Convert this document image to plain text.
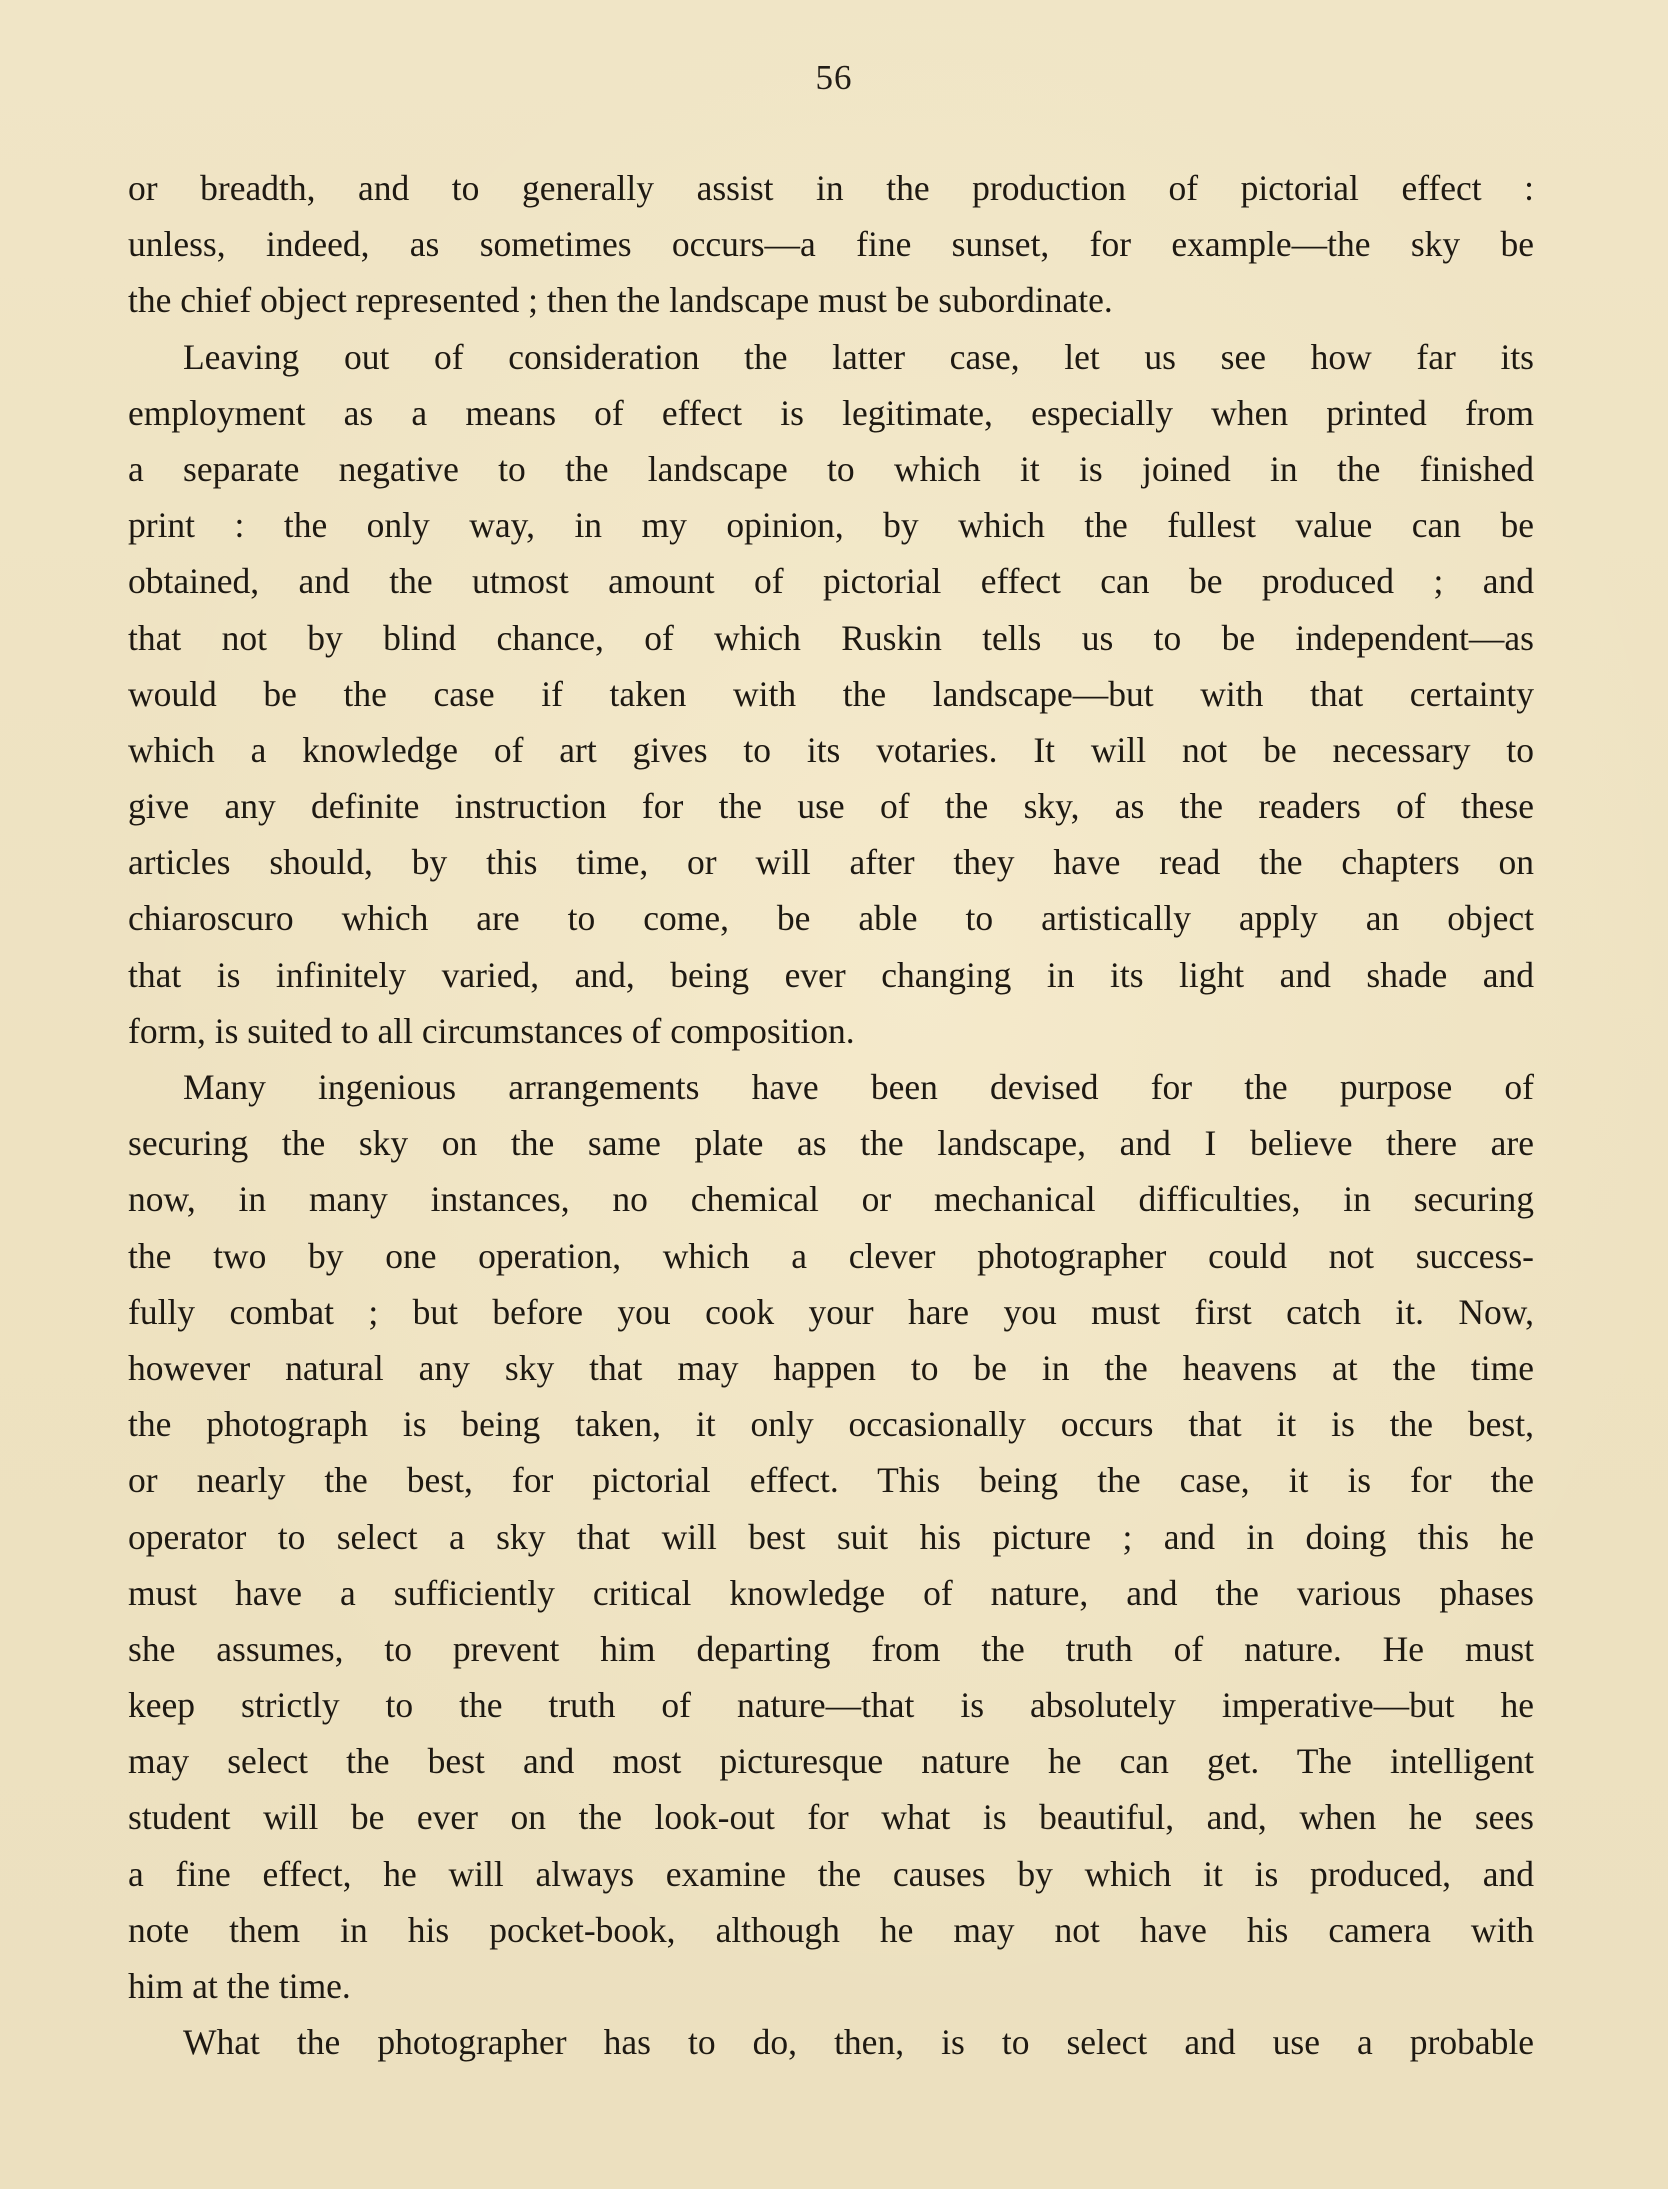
56
or breadth, and to generally assist in the production of pictorial effect :
unless, indeed, as sometimes occurs—a fine sunset, for example—the sky be
the chief object represented ; then the landscape must be subordinate.
Leaving out of consideration the latter case, let us see how far its
employment as a means of effect is legitimate, especially when printed from
a separate negative to the landscape to which it is joined in the finished
print : the only way, in my opinion, by which the fullest value can be
obtained, and the utmost amount of pictorial effect can be produced ; and
that not by blind chance, of which Ruskin tells us to be independent—as
would be the case if taken with the landscape—but with that certainty
which a knowledge of art gives to its votaries. It will not be necessary to
give any definite instruction for the use of the sky, as the readers of these
articles should, by this time, or will after they have read the chapters on
chiaroscuro which are to come, be able to artistically apply an object
that is infinitely varied, and, being ever changing in its light and shade and
form, is suited to all circumstances of composition.
Many ingenious arrangements have been devised for the purpose of
securing the sky on the same plate as the landscape, and I believe there are
now, in many instances, no chemical or mechanical difficulties, in securing
the two by one operation, which a clever photographer could not success-
fully combat ; but before you cook your hare you must first catch it. Now,
however natural any sky that may happen to be in the heavens at the time
the photograph is being taken, it only occasionally occurs that it is the best,
or nearly the best, for pictorial effect. This being the case, it is for the
operator to select a sky that will best suit his picture ; and in doing this he
must have a sufficiently critical knowledge of nature, and the various phases
she assumes, to prevent him departing from the truth of nature. He must
keep strictly to the truth of nature—that is absolutely imperative—but he
may select the best and most picturesque nature he can get. The intelligent
student will be ever on the look-out for what is beautiful, and, when he sees
a fine effect, he will always examine the causes by which it is produced, and
note them in his pocket-book, although he may not have his camera with
him at the time.
What the photographer has to do, then, is to select and use a probable
